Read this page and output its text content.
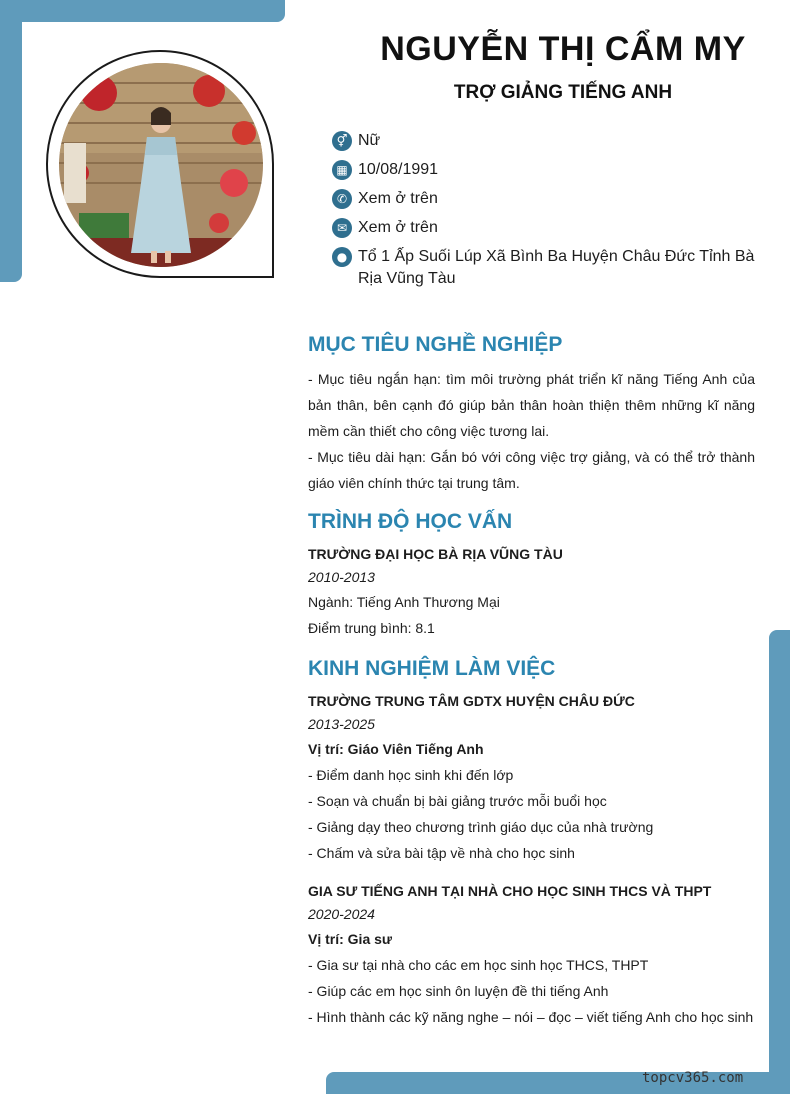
NGUYỄN THỊ CẨM MY
TRỢ GIẢNG TIẾNG ANH
⚥ Nữ
▦ 10/08/1991
✆ Xem ở trên
✉ Xem ở trên
● Tổ 1 Ấp Suối Lúp Xã Bình Ba Huyện Châu Đức Tỉnh Bà Rịa Vũng Tàu
MỤC TIÊU NGHỀ NGHIỆP

- Mục tiêu ngắn hạn: tìm môi trường phát triển kĩ năng Tiếng Anh của bản thân, bên cạnh đó giúp bản thân hoàn thiện thêm những kĩ năng mềm cần thiết cho công việc tương lai.

- Mục tiêu dài hạn: Gắn bó với công việc trợ giảng, và có thể trở thành giáo viên chính thức tại trung tâm.

TRÌNH ĐỘ HỌC VẤN
TRƯỜNG ĐẠI HỌC BÀ RỊA VŨNG TÀU
2010-2013
Ngành: Tiếng Anh Thương Mại
Điểm trung bình: 8.1
KINH NGHIỆM LÀM VIỆC
TRƯỜNG TRUNG TÂM GDTX HUYỆN CHÂU ĐỨC
2013-2025
Vị trí: Giáo Viên Tiếng Anh
- Điểm danh học sinh khi đến lớp
- Soạn và chuẩn bị bài giảng trước mỗi buổi học
- Giảng dạy theo chương trình giáo dục của nhà trường
- Chấm và sửa bài tập về nhà cho học sinh
GIA SƯ TIẾNG ANH TẠI NHÀ CHO HỌC SINH THCS VÀ THPT
2020-2024
Vị trí: Gia sư
- Gia sư tại nhà cho các em học sinh học THCS, THPT
- Giúp các em học sinh ôn luyện đề thi tiếng Anh
- Hình thành các kỹ năng nghe – nói – đọc – viết tiếng Anh cho học sinh
topcv365.com
